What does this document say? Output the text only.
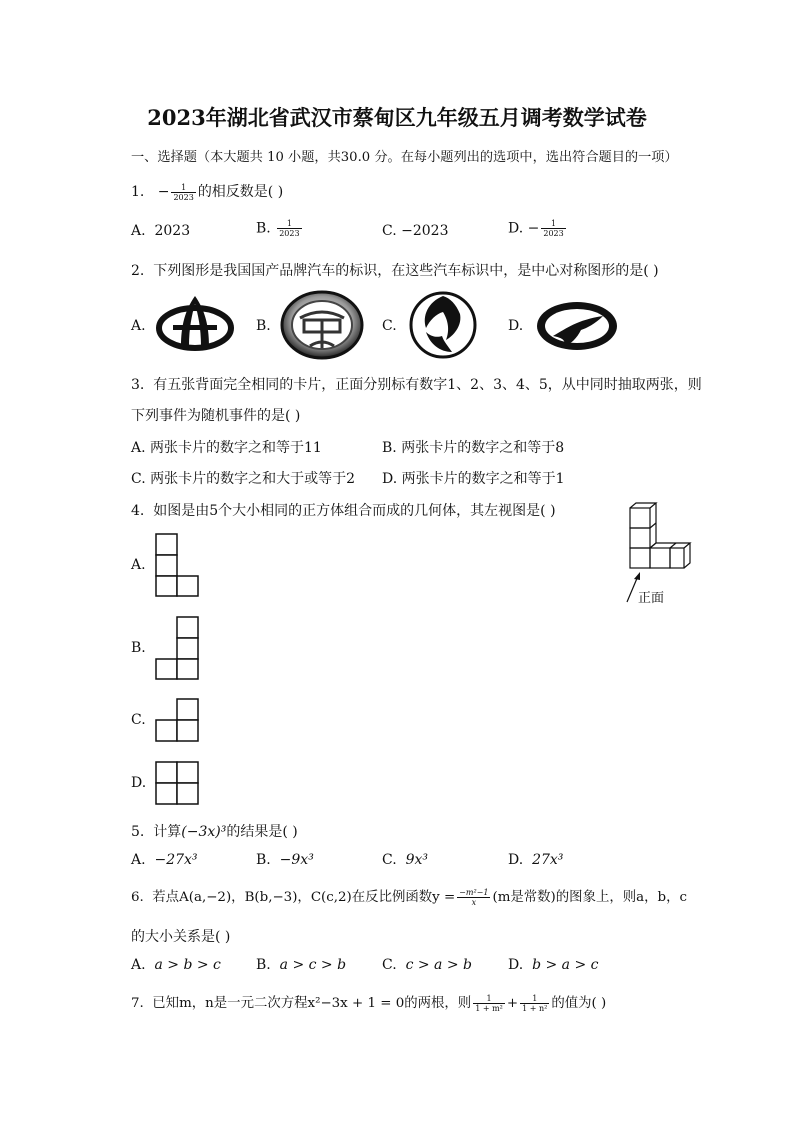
2023年湖北省武汉市蔡甸区九年级五月调考数学试卷
一、选择题（本大题共 10 小题，共30.0 分。在每小题列出的选项中，选出符合题目的一项）
1. − $\frac{1}{2023}$ 的相反数是( )
A. 2023	B. $\frac{1}{2023}$	C. −2023	D. − $\frac{1}{2023}$
2. 下列图形是我国国产品牌汽车的标识，在这些汽车标识中，是中心对称图形的是( )
A.	B.	C.	D.
3. 有五张背面完全相同的卡片，正面分别标有数字1、2、3、4、5，从中同时抽取两张，则
下列事件为随机事件的是( )
A. 两张卡片的数字之和等于11	B. 两张卡片的数字之和等于8
C. 两张卡片的数字之和大于或等于2 D. 两张卡片的数字之和等于1
4. 如图是由5个大小相同的正方体组合而成的几何体，其左视图是( )
正面
A.
B.
C.
D.
5. 计算(−3x)³的结果是( )
A. −27x³	B. −9x³	C. 9x³	D. 27x³
6. 若点A(a,−2)，B(b,−3)，C(c,2)在反比例函数$y = \frac{\text{−m²−1}}{x} (m$是常数)的图象上，则a，b，c
的大小关系是( )
A. a > b > c	B. a > c > b	C. c > a > b	D. b > a > c
7. 已知m，n是一元二次方程x²−3x + 1 = 0的两根，则 $\frac{1}{\text{1 + m²}} + \frac{1}{\text{1 + n²}}$ 的值为( )
